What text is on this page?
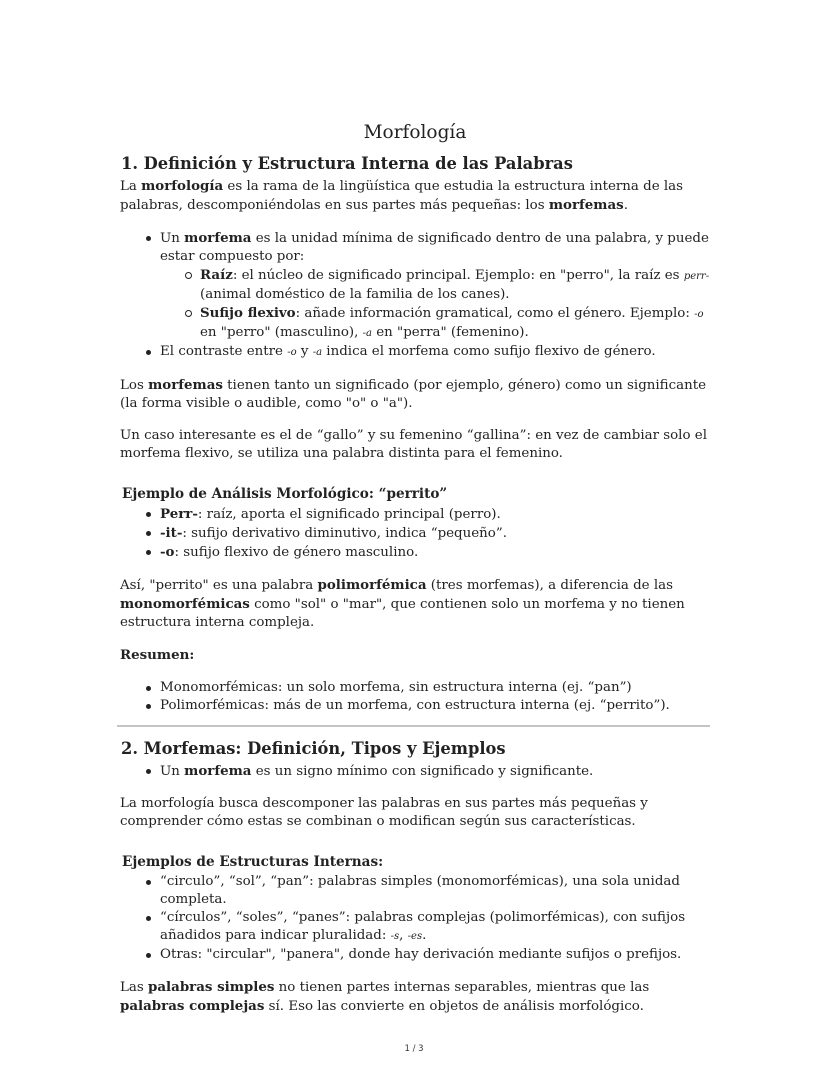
Morfología
1. Definición y Estructura Interna de las Palabras

La morfología es la rama de la lingüística que estudia la estructura interna de las palabras, descomponiéndolas en sus partes más pequeñas: los morfemas.

Un morfema es la unidad mínima de significado dentro de una palabra, y puede estar compuesto por:
Raíz: el núcleo de significado principal. Ejemplo: en "perro", la raíz es perr- (animal doméstico de la familia de los canes).
Sufijo flexivo: añade información gramatical, como el género. Ejemplo: -o en "perro" (masculino), -a en "perra" (femenino).
El contraste entre -o y -a indica el morfema como sufijo flexivo de género.

Los morfemas tienen tanto un significado (por ejemplo, género) como un significante (la forma visible o audible, como "o" o "a").

Un caso interesante es el de “gallo” y su femenino “gallina”: en vez de cambiar solo el morfema flexivo, se utiliza una palabra distinta para el femenino.

Ejemplo de Análisis Morfológico: “perrito”
Perr-: raíz, aporta el significado principal (perro).
-it-: sufijo derivativo diminutivo, indica “pequeño”.
-o: sufijo flexivo de género masculino.

Así, "perrito" es una palabra polimorfémica (tres morfemas), a diferencia de las monomorfémicas como "sol" o "mar", que contienen solo un morfema y no tienen estructura interna compleja.

Resumen:

Monomorfémicas: un solo morfema, sin estructura interna (ej. “pan”)
Polimorfémicas: más de un morfema, con estructura interna (ej. “perrito”).
2. Morfemas: Definición, Tipos y Ejemplos
Un morfema es un signo mínimo con significado y significante.

La morfología busca descomponer las palabras en sus partes más pequeñas y comprender cómo estas se combinan o modifican según sus características.

Ejemplos de Estructuras Internas:
“circulo”, “sol”, “pan”: palabras simples (monomorfémicas), una sola unidad completa.
“círculos”, “soles”, “panes”: palabras complejas (polimorfémicas), con sufijos añadidos para indicar pluralidad: -s, -es.
Otras: "circular", "panera", donde hay derivación mediante sufijos o prefijos.

Las palabras simples no tienen partes internas separables, mientras que las palabras complejas sí. Eso las convierte en objetos de análisis morfológico.

1 / 3
